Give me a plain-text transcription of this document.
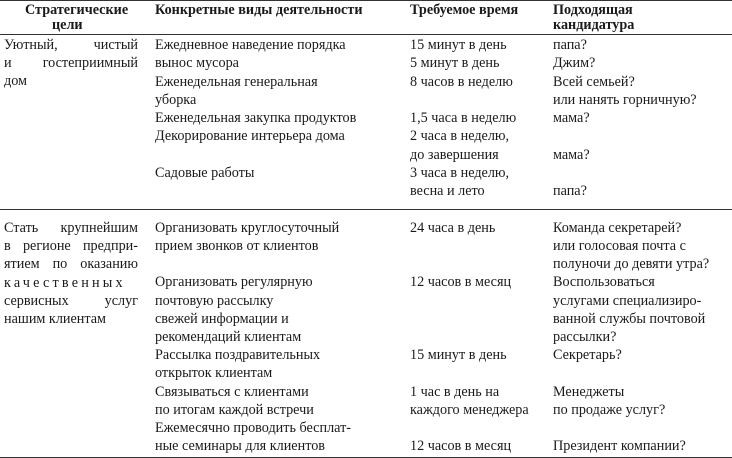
Стратегические
цели
Конкретные виды деятельности	Требуемое время Подходящая
кандидатура
Уютный, чистый
и гостеприимный
дом
Ежедневное наведение порядка
вынос мусора
Еженедельная генеральная
уборка
Еженедельная закупка продуктов
Декорирование интерьера дома
Садовые работы
15 минут в день
5 минут в день
8 часов в неделю
1,5 часа в неделю
2 часа в неделю,
до завершения
3 часа в неделю,
весна и лето
папа?
Джим?
Всей семьей?
или нанять горничную?
мама?
мама?
папа?
Стать крупнейшим
в регионе предпри-
ятием по оказанию
качественных
сервисных услуг
нашим клиентам
Организовать круглосуточный
прием звонков от клиентов
Организовать регулярную
почтовую рассылку
свежей информации и
рекомендаций клиентам
Рассылка поздравительных
открыток клиентам
Связываться с клиентами
по итогам каждой встречи
Ежемесячно проводить бесплат-
ные семинары для клиентов
24 часа в день
12 часов в месяц
15 минут в день
1 час в день на
каждого менеджера
12 часов в месяц
Команда секретарей?
или голосовая почта с
полуночи до девяти утра?
Воспользоваться
услугами специализиро-
ванной службы почтовой
рассылки?
Секретарь?
Менеджеты
по продаже услуг?
Президент компании?
